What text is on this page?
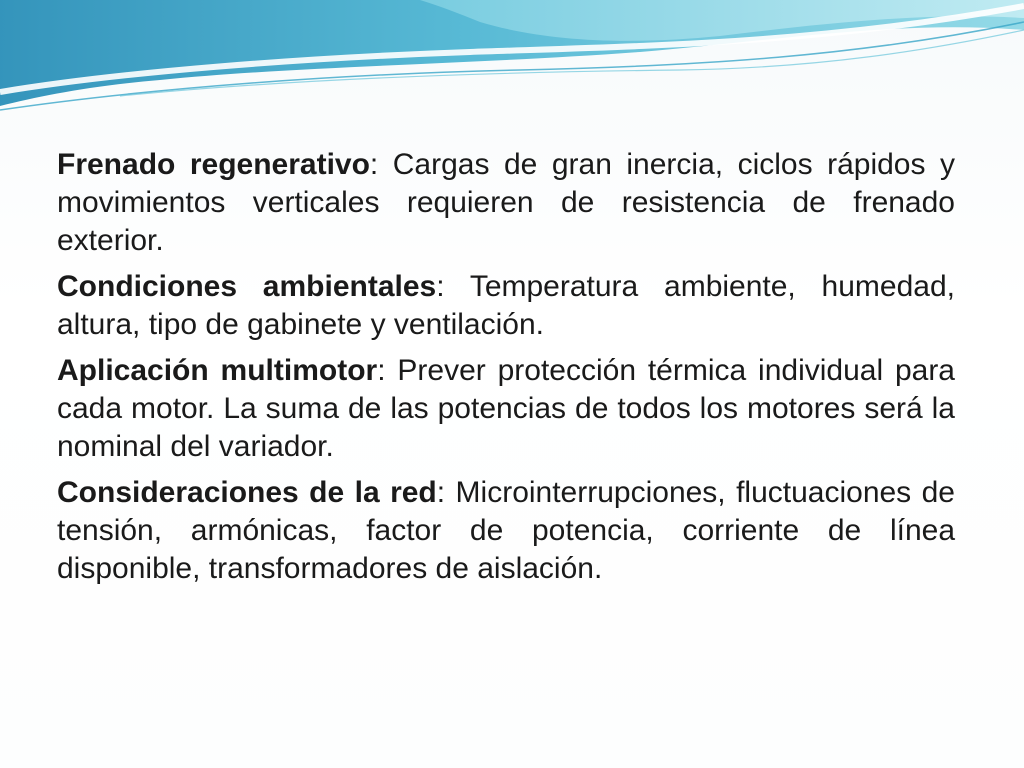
Frenado regenerativo: Cargas de gran inercia, ciclos rápidos y movimientos verticales requieren de resistencia de frenado exterior.

Condiciones ambientales: Temperatura ambiente, humedad, altura, tipo de gabinete y ventilación.

Aplicación multimotor: Prever protección térmica individual para cada motor. La suma de las potencias de todos los motores será la nominal del variador.

Consideraciones de la red: Microinterrupciones, fluctuaciones de tensión, armónicas, factor de potencia, corriente de línea disponible, transformadores de aislación.
